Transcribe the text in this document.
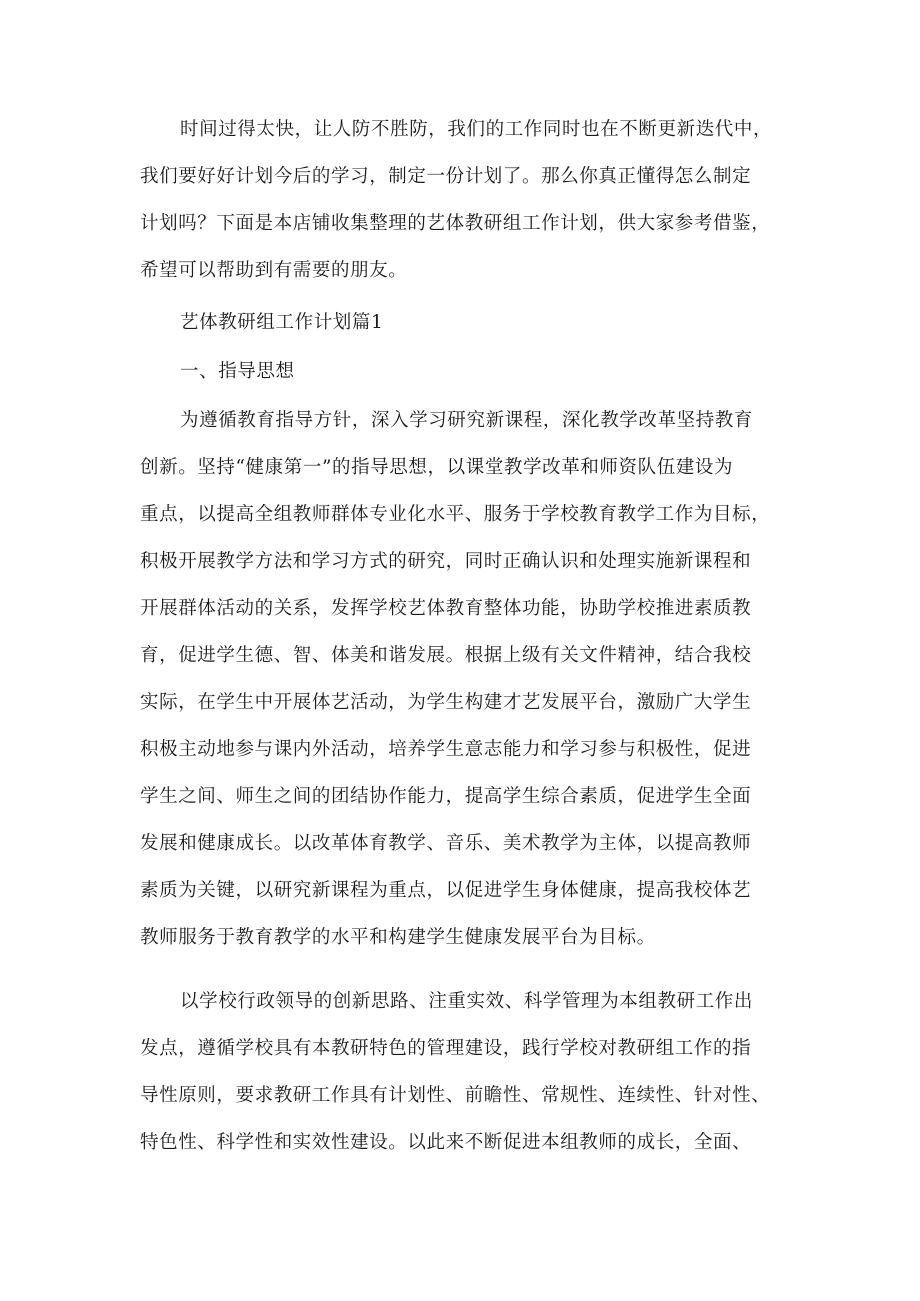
时间过得太快，让人防不胜防，我们的工作同时也在不断更新迭代中，
我们要好好计划今后的学习，制定一份计划了。那么你真正懂得怎么制定
计划吗？下面是本店铺收集整理的艺体教研组工作计划，供大家参考借鉴，
希望可以帮助到有需要的朋友。
艺体教研组工作计划篇1
一、指导思想
为遵循教育指导方针，深入学习研究新课程，深化教学改革坚持教育
创新。坚持“健康第一”的指导思想，以课堂教学改革和师资队伍建设为
重点，以提高全组教师群体专业化水平、服务于学校教育教学工作为目标，
积极开展教学方法和学习方式的研究，同时正确认识和处理实施新课程和
开展群体活动的关系，发挥学校艺体教育整体功能，协助学校推进素质教
育，促进学生德、智、体美和谐发展。根据上级有关文件精神，结合我校
实际，在学生中开展体艺活动，为学生构建才艺发展平台，激励广大学生
积极主动地参与课内外活动，培养学生意志能力和学习参与积极性，促进
学生之间、师生之间的团结协作能力，提高学生综合素质，促进学生全面
发展和健康成长。以改革体育教学、音乐、美术教学为主体，以提高教师
素质为关键，以研究新课程为重点，以促进学生身体健康，提高我校体艺
教师服务于教育教学的水平和构建学生健康发展平台为目标。
以学校行政领导的创新思路、注重实效、科学管理为本组教研工作出
发点，遵循学校具有本教研特色的管理建设，践行学校对教研组工作的指
导性原则，要求教研工作具有计划性、前瞻性、常规性、连续性、针对性、
特色性、科学性和实效性建设。以此来不断促进本组教师的成长，全面、
